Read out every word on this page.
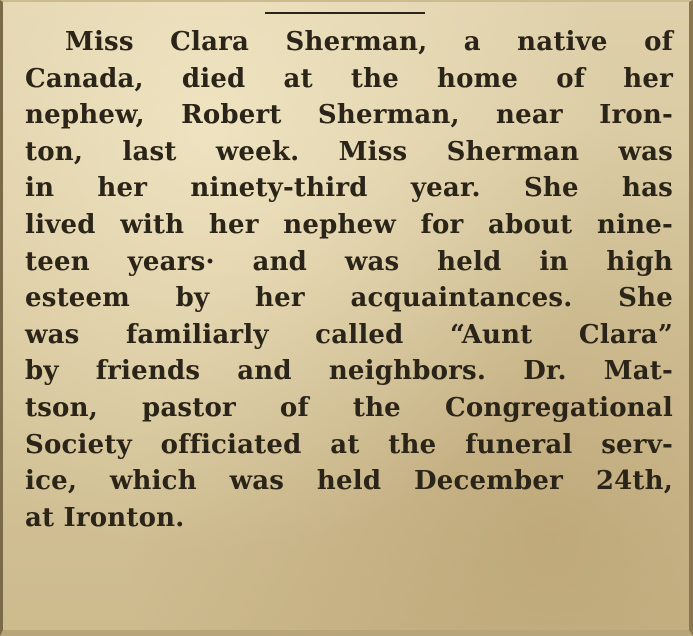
Miss Clara Sherman, a native of
Canada, died at the home of her
nephew, Robert Sherman, near Iron-
ton, last week. Miss Sherman was
in her ninety-third year. She has
lived with her nephew for about nine-
teen years· and was held in high
esteem by her acquaintances. She
was familiarly called “Aunt Clara”
by friends and neighbors. Dr. Mat-
tson, pastor of the Congregational
Society officiated at the funeral serv-
ice, which was held December 24th,
at Ironton.
